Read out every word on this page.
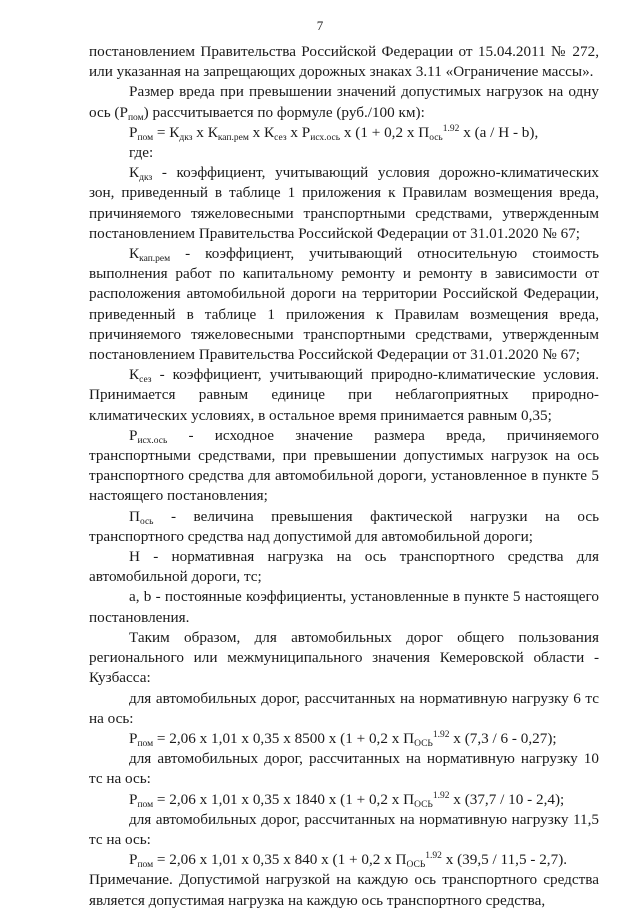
7

постановлением Правительства Российской Федерации от 15.04.2011 № 272, или указанная на запрещающих дорожных знаках 3.11 «Ограничение массы».

Размер вреда при превышении значений допустимых нагрузок на одну ось $(Р_{пом})$ рассчитывается по формуле (руб./100 км):

$Р_{пом} = К_{дкз}$ х $К_{кап.рем}$ х $К_{сез}$ х $Р_{исх.ось}$ х (1 + 0,2 х $П_{ось}^{1.92}$ х (а / Н - b),

где:

$К_{дкз}$ - коэффициент, учитывающий условия дорожно-климатических зон, приведенный в таблице 1 приложения к Правилам возмещения вреда, причиняемого тяжеловесными транспортными средствами, утвержденным постановлением Правительства Российской Федерации от 31.01.2020 № 67;

$К_{кап.рем}$ - коэффициент, учитывающий относительную стоимость выполнения работ по капитальному ремонту и ремонту в зависимости от расположения автомобильной дороги на территории Российской Федерации, приведенный в таблице 1 приложения к Правилам возмещения вреда, причиняемого тяжеловесными транспортными средствами, утвержденным постановлением Правительства Российской Федерации от 31.01.2020 № 67;

$К_{сез}$ - коэффициент, учитывающий природно-климатические условия. Принимается равным единице при неблагоприятных природно-климатических условиях, в остальное время принимается равным 0,35;

$Р_{исх.ось}$ - исходное значение размера вреда, причиняемого транспортными средствами, при превышении допустимых нагрузок на ось транспортного средства для автомобильной дороги, установленное в пункте 5 настоящего постановления;

$П_{ось}$ - величина превышения фактической нагрузки на ось транспортного средства над допустимой для автомобильной дороги;

Н - нормативная нагрузка на ось транспортного средства для автомобильной дороги, тс;

a, b - постоянные коэффициенты, установленные в пункте 5 настоящего постановления.

Таким образом, для автомобильных дорог общего пользования регионального или межмуниципального значения Кемеровской области - Кузбасса:

для автомобильных дорог, рассчитанных на нормативную нагрузку 6 тс на ось:

$Р_{пом} = 2,06$ х 1,01 х 0,35 х 8500 х (1 + 0,2 х $П_{ОСЬ}^{1.92}$ х (7,3 / 6 - 0,27);

для автомобильных дорог, рассчитанных на нормативную нагрузку 10 тс на ось:

$Р_{пом} = 2,06$ х 1,01 х 0,35 х 1840 х (1 + 0,2 х $П_{ОСЬ}^{1.92}$ х (37,7 / 10 - 2,4);

для автомобильных дорог, рассчитанных на нормативную нагрузку 11,5 тс на ось:

$Р_{пом} = 2,06$ х 1,01 х 0,35 х 840 х (1 + 0,2 х $П_{ОСЬ}^{1.92}$ х (39,5 / 11,5 - 2,7).

Примечание. Допустимой нагрузкой на каждую ось транспортного средства является допустимая нагрузка на каждую ось транспортного средства,
